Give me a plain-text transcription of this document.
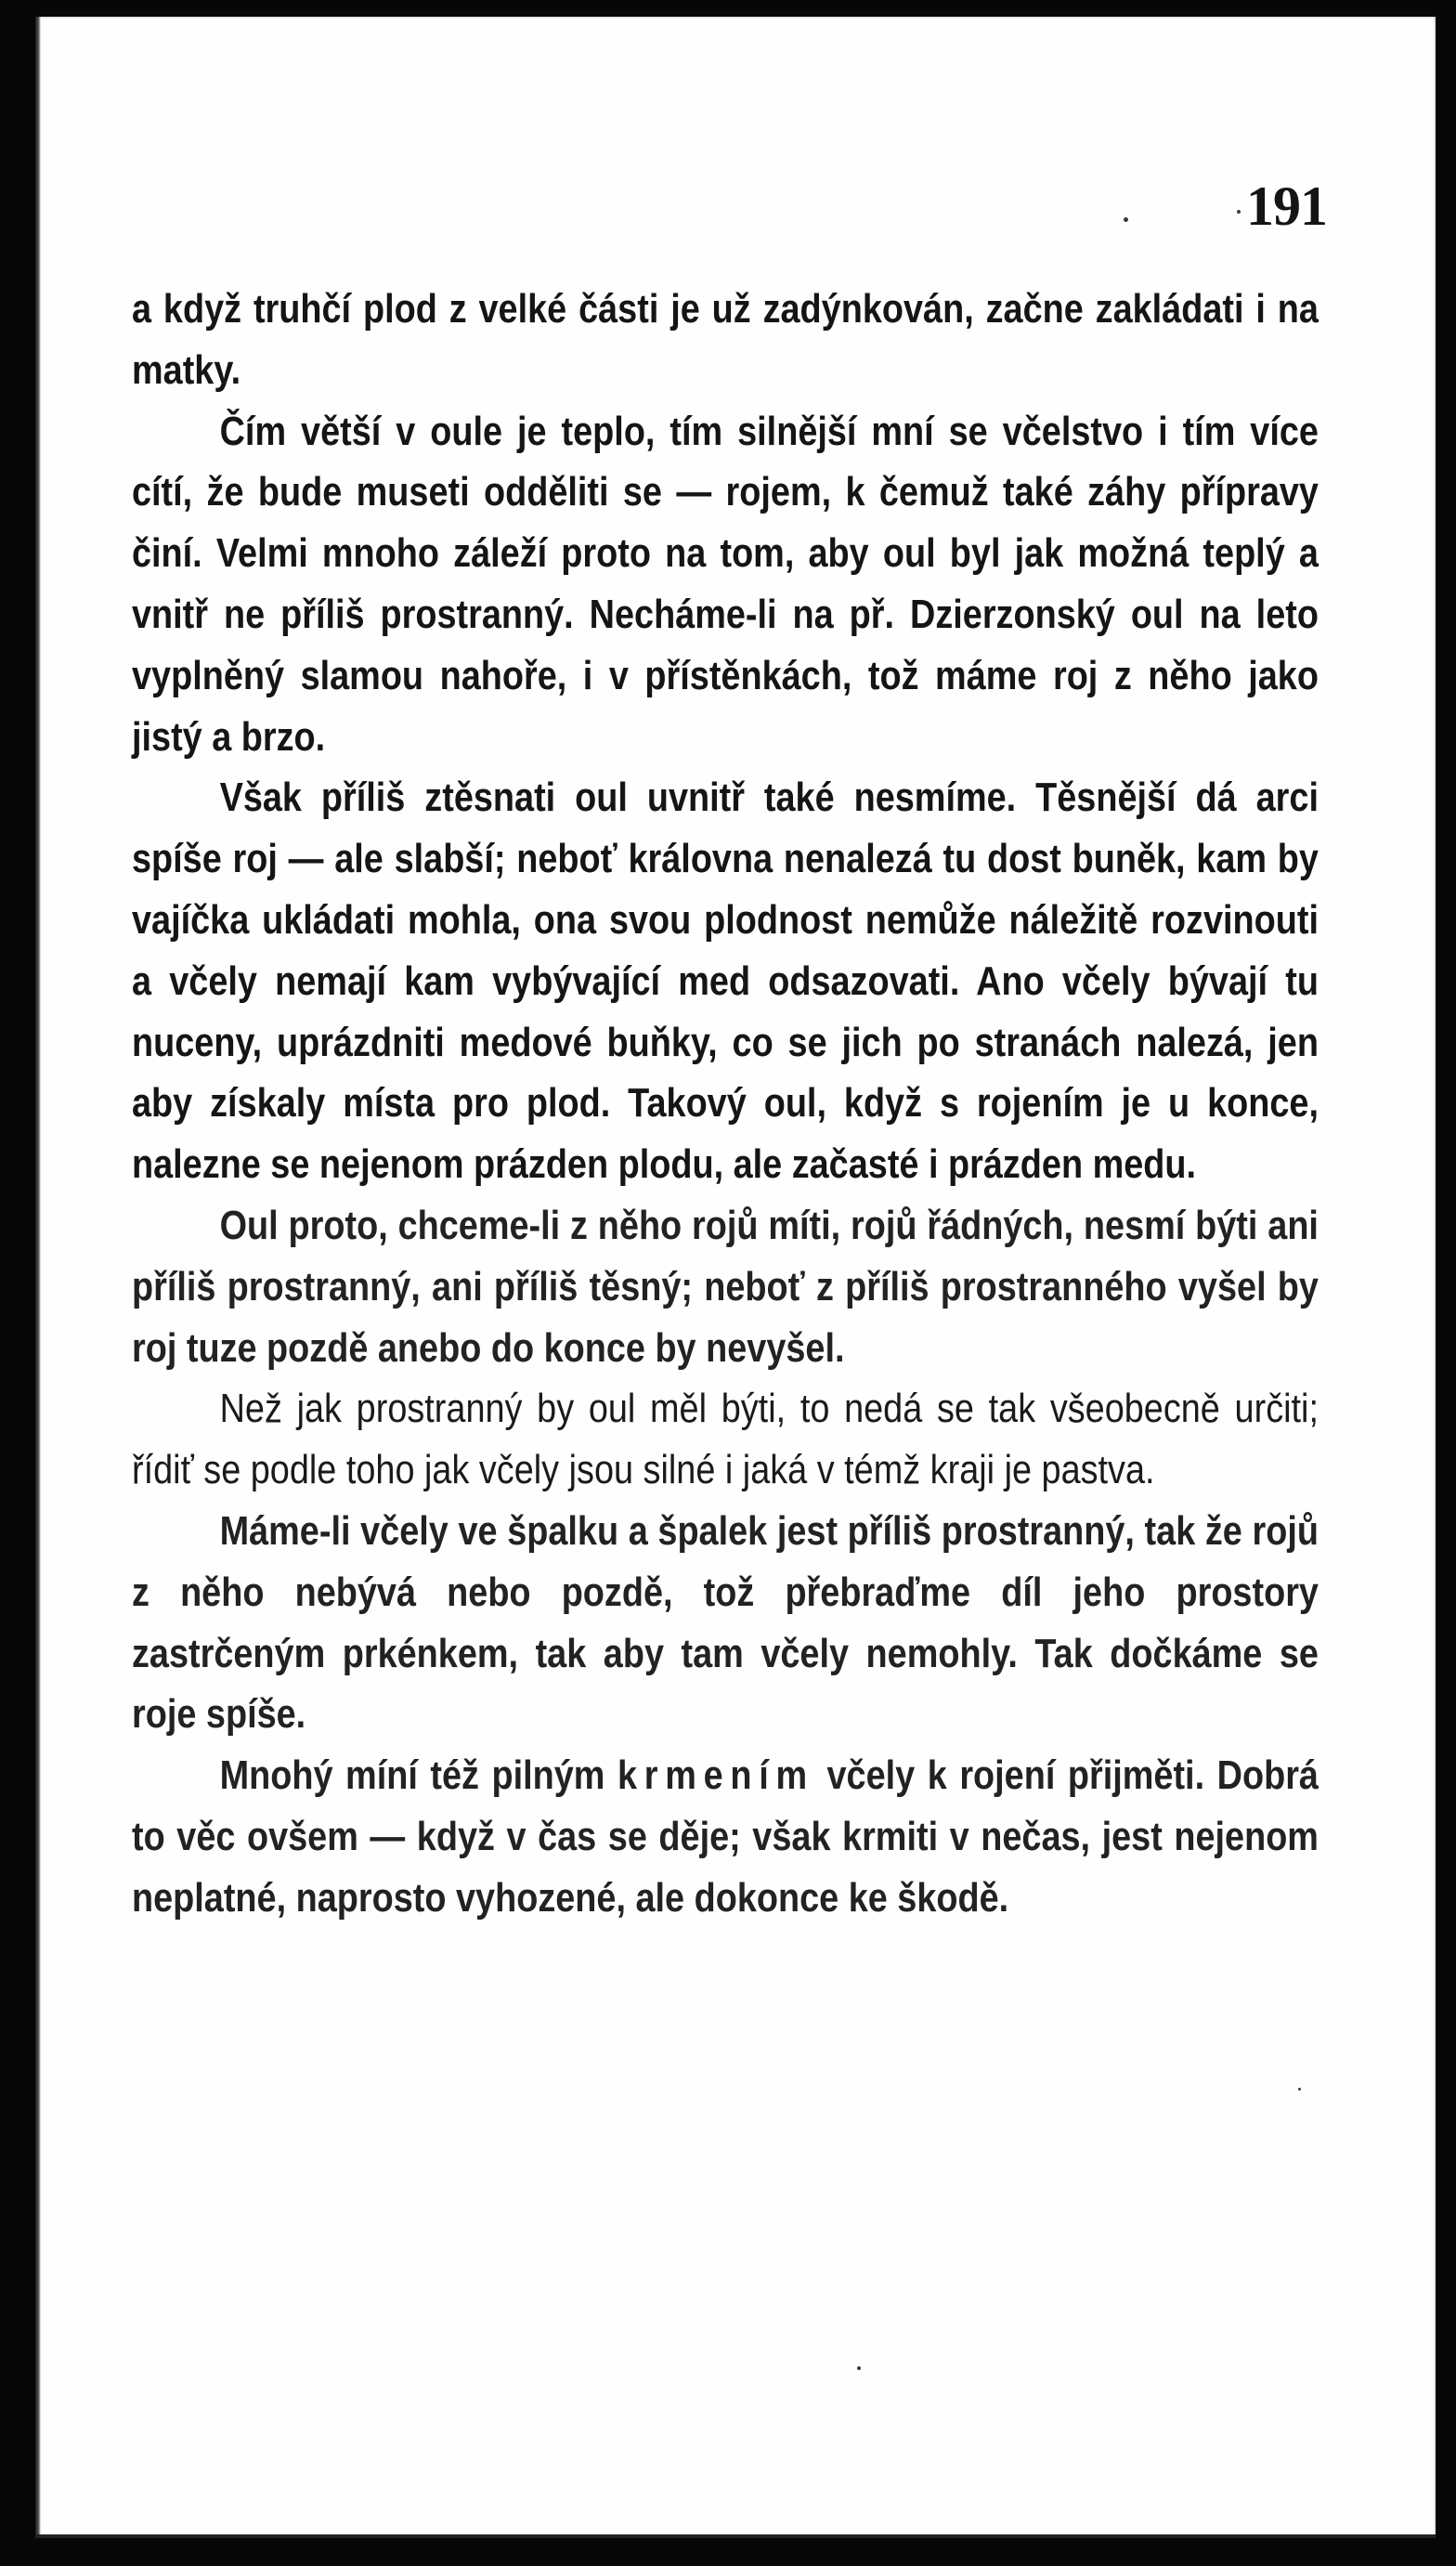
191

a když truhčí plod z velké části je už zadýnkován, začne zakládati i na matky.

Čím větší v oule je teplo, tím silnější mní se včelstvo i tím více cítí, že bude museti odděliti se — rojem, k čemuž také záhy přípravy činí. Velmi mnoho záleží proto na tom, aby oul byl jak možná teplý a vnitř ne příliš prostranný. Necháme-li na př. Dzierzonský oul na leto vyplněný slamou nahoře, i v přístěnkách, tož máme roj z něho jako jistý a brzo.

Však příliš ztěsnati oul uvnitř také nesmíme. Těsnější dá arci spíše roj — ale slabší; neboť královna nenalezá tu dost buněk, kam by vajíčka ukládati mohla, ona svou plodnost nemůže náležitě rozvinouti a včely nemají kam vybývající med odsazovati. Ano včely bývají tu nuceny, uprázdniti medové buňky, co se jich po stranách nalezá, jen aby získaly místa pro plod. Takový oul, když s rojením je u konce, nalezne se nejenom prázden plodu, ale začasté i prázden medu.

Oul proto, chceme-li z něho rojů míti, rojů řádných, nesmí býti ani příliš prostranný, ani příliš těsný; neboť z příliš prostranného vyšel by roj tuze pozdě anebo do konce by nevyšel.

Než jak prostranný by oul měl býti, to nedá se tak všeobecně určiti; řídiť se podle toho jak včely jsou silné i jaká v témž kraji je pastva.

Máme-li včely ve špalku a špalek jest příliš prostranný, tak že rojů z něho nebývá nebo pozdě, tož přebraďme díl jeho prostory zastrčeným prkénkem, tak aby tam včely nemohly. Tak dočkáme se roje spíše.

Mnohý míní též pilným krmením včely k rojení přijměti. Dobrá to věc ovšem — když v čas se děje; však krmiti v nečas, jest nejenom neplatné, naprosto vyhozené, ale dokonce ke škodě.
